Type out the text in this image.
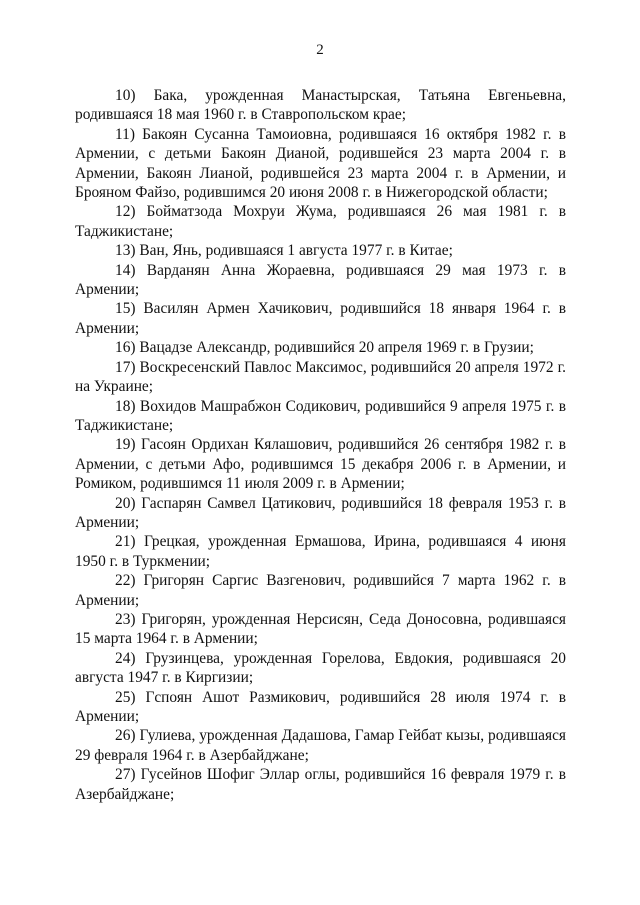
2

10) Бака, урожденная Манастырская, Татьяна Евгеньевна, родившаяся 18 мая 1960 г. в Ставропольском крае;

11) Бакоян Сусанна Тамоиовна, родившаяся 16 октября 1982 г. в Армении, с детьми Бакоян Дианой, родившейся 23 марта 2004 г. в Армении, Бакоян Лианой, родившейся 23 марта 2004 г. в Армении, и Брояном Файзо, родившимся 20 июня 2008 г. в Нижегородской области;

12) Бойматзода Мохруи Жума, родившаяся 26 мая 1981 г. в Таджикистане;

13) Ван, Янь, родившаяся 1 августа 1977 г. в Китае;

14) Варданян Анна Жораевна, родившаяся 29 мая 1973 г. в Армении;

15) Василян Армен Хачикович, родившийся 18 января 1964 г. в Армении;

16) Вацадзе Александр, родившийся 20 апреля 1969 г. в Грузии;

17) Воскресенский Павлос Максимос, родившийся 20 апреля 1972 г. на Украине;

18) Вохидов Машрабжон Содикович, родившийся 9 апреля 1975 г. в Таджикистане;

19) Гасоян Ордихан Кялашович, родившийся 26 сентября 1982 г. в Армении, с детьми Афо, родившимся 15 декабря 2006 г. в Армении, и Ромиком, родившимся 11 июля 2009 г. в Армении;

20) Гаспарян Самвел Цатикович, родившийся 18 февраля 1953 г. в Армении;

21) Грецкая, урожденная Ермашова, Ирина, родившаяся 4 июня 1950 г. в Туркмении;

22) Григорян Саргис Вазгенович, родившийся 7 марта 1962 г. в Армении;

23) Григорян, урожденная Нерсисян, Седа Доносовна, родившаяся 15 марта 1964 г. в Армении;

24) Грузинцева, урожденная Горелова, Евдокия, родившаяся 20 августа 1947 г. в Киргизии;

25) Гспоян Ашот Размикович, родившийся 28 июля 1974 г. в Армении;

26) Гулиева, урожденная Дадашова, Гамар Гейбат кызы, родившаяся 29 февраля 1964 г. в Азербайджане;

27) Гусейнов Шофиг Эллар оглы, родившийся 16 февраля 1979 г. в Азербайджане;
